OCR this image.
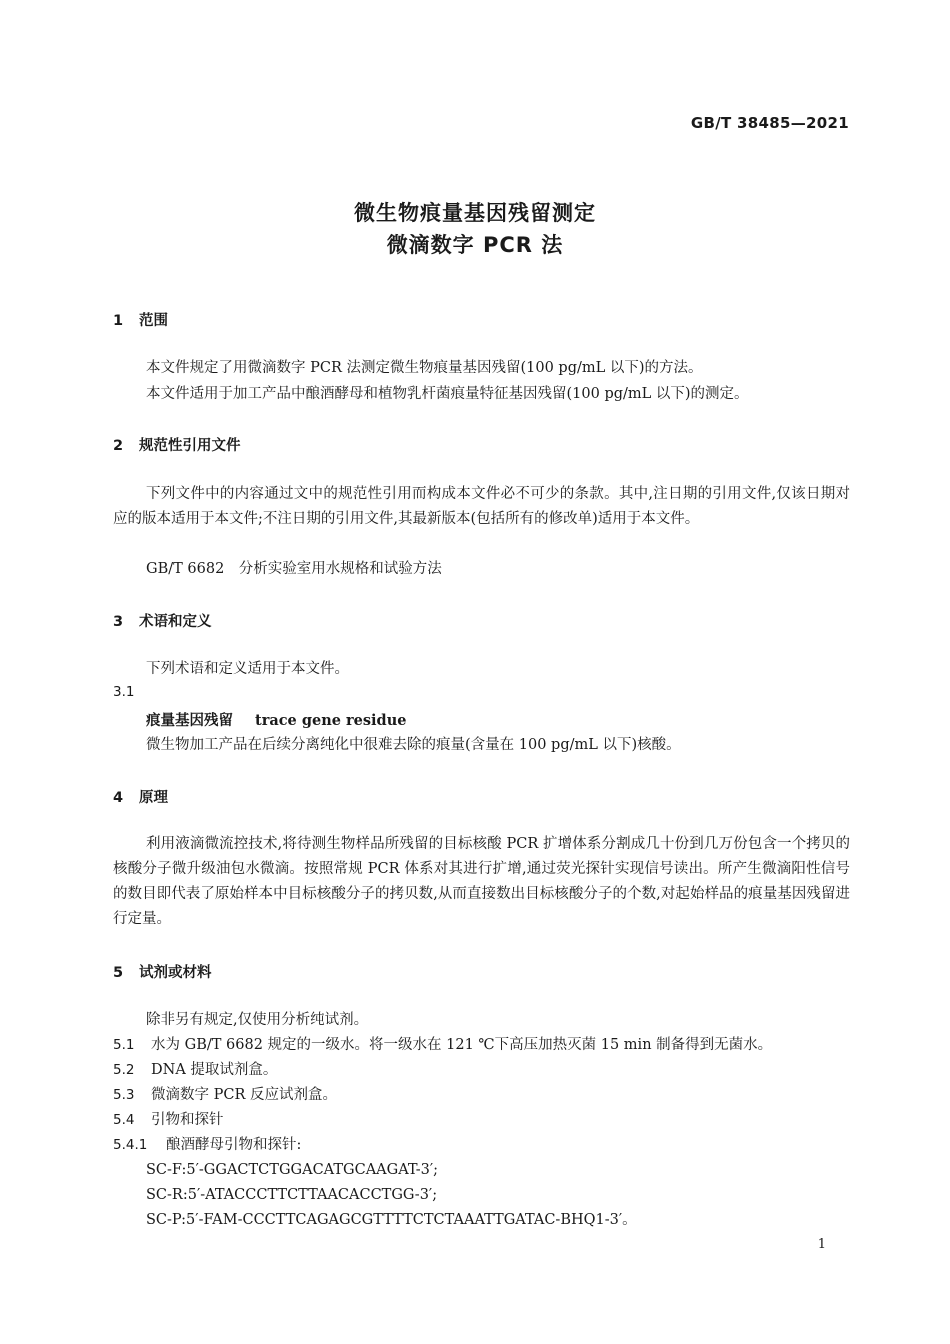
GB/T 38485—2021
微生物痕量基因残留测定
微滴数字 PCR 法
1 范围
本文件规定了用微滴数字 PCR 法测定微生物痕量基因残留(100 pg/mL 以下)的方法。
本文件适用于加工产品中酿酒酵母和植物乳杆菌痕量特征基因残留(100 pg/mL 以下)的测定。
2 规范性引用文件
下列文件中的内容通过文中的规范性引用而构成本文件必不可少的条款。其中,注日期的引用文件,仅该日期对应的版本适用于本文件;不注日期的引用文件,其最新版本(包括所有的修改单)适用于本文件。
GB/T 6682　分析实验室用水规格和试验方法
3 术语和定义
下列术语和定义适用于本文件。
3.1
痕量基因残留 trace gene residue
微生物加工产品在后续分离纯化中很难去除的痕量(含量在 100 pg/mL 以下)核酸。
4 原理
利用液滴微流控技术,将待测生物样品所残留的目标核酸 PCR 扩增体系分割成几十份到几万份包含一个拷贝的核酸分子微升级油包水微滴。按照常规 PCR 体系对其进行扩增,通过荧光探针实现信号读出。所产生微滴阳性信号的数目即代表了原始样本中目标核酸分子的拷贝数,从而直接数出目标核酸分子的个数,对起始样品的痕量基因残留进行定量。
5 试剂或材料
除非另有规定,仅使用分析纯试剂。
5.1 水为 GB/T 6682 规定的一级水。将一级水在 121 ℃下高压加热灭菌 15 min 制备得到无菌水。
5.2 DNA 提取试剂盒。
5.3 微滴数字 PCR 反应试剂盒。
5.4 引物和探针
5.4.1 酿酒酵母引物和探针:
SC-F:5′-GGACTCTGGACATGCAAGAT-3′;
SC-R:5′-ATACCCTTCTTAACACCTGG-3′;
SC-P:5′-FAM-CCCTTCAGAGCGTTTTCTCTAAATTGATAC-BHQ1-3′。
1
